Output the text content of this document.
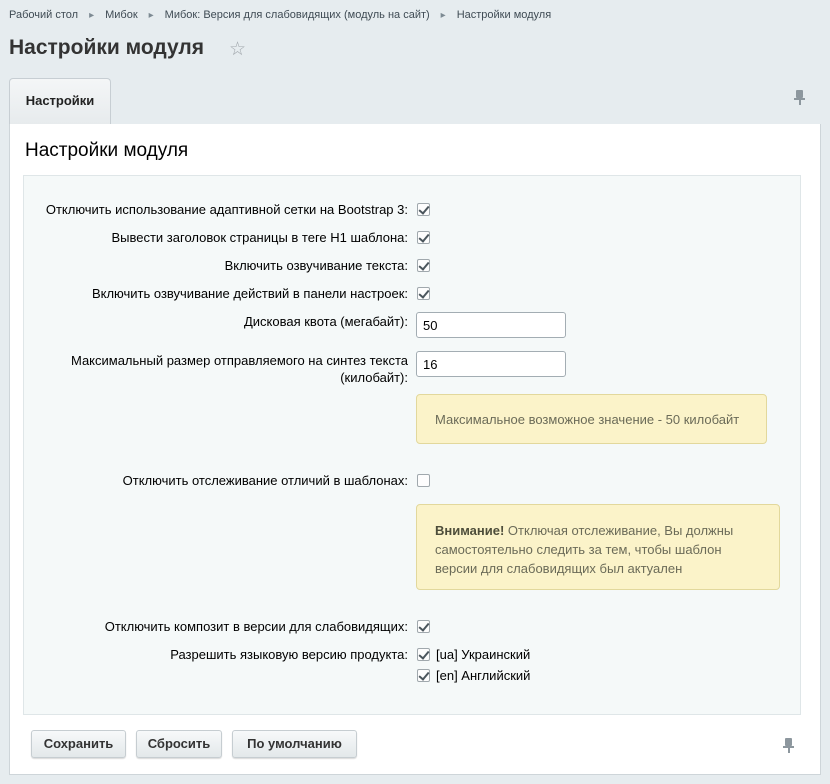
Рабочий стол ▸ Мибок ▸ Мибок: Версия для слабовидящих (модуль на сайт) ▸ Настройки модуля
Настройки модуля ☆
Настройки
Настройки модуля
Отключить использование адаптивной сетки на Bootstrap 3:
Вывести заголовок страницы в теге H1 шаблона:
Включить озвучивание текста:
Включить озвучивание действий в панели настроек:
Дисковая квота (мегабайт):
50
Максимальный размер отправляемого на синтез текста
(килобайт):
16
Максимальное возможное значение - 50 килобайт
Отключить отслеживание отличий в шаблонах:
Внимание! Отключая отслеживание, Вы должны
самостоятельно следить за тем, чтобы шаблон
версии для слабовидящих был актуален
Отключить композит в версии для слабовидящих:
Разрешить языковую версию продукта: [ua] Украинский
[en] Английский
Сохранить	Сбросить	По умолчанию
